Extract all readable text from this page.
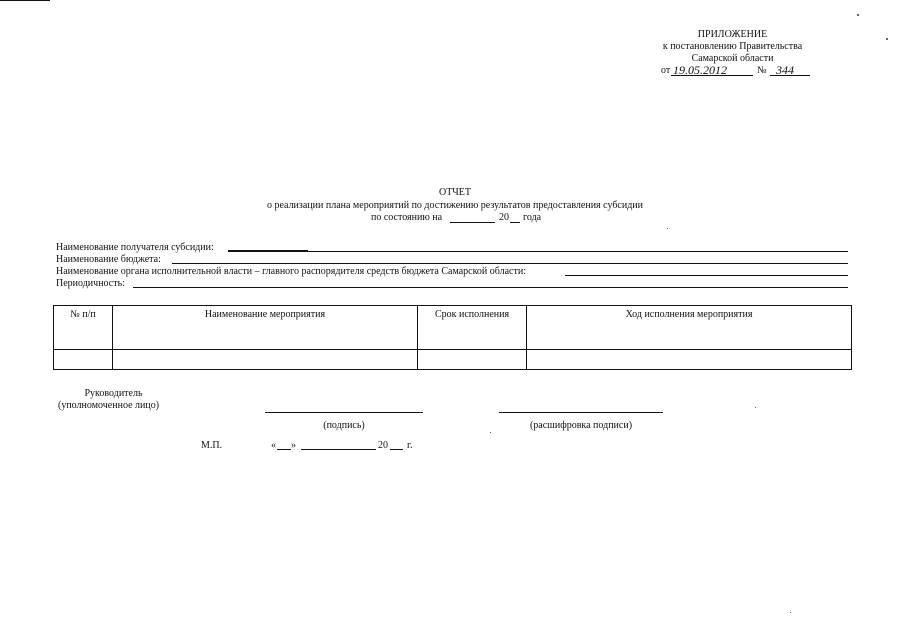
ПРИЛОЖЕНИЕ
к постановлению Правительства
Самарской области
от 19.05.2012	№ 344
ОТЧЕТ
о реализации плана мероприятий по достижению результатов предоставления субсидии
по состоянию на	20 года
Наименование получателя субсидии:
Наименование бюджета:
Наименование органа исполнительной власти – главного распорядителя средств бюджета Самарской области:
Периодичность:
№ п/п	Наименование мероприятия	Срок исполнения	Ход исполнения мероприятия

Руководитель
(уполномоченное лицо)
(подпись)	(расшифровка подписи)
М.П.	« »	20 г.
